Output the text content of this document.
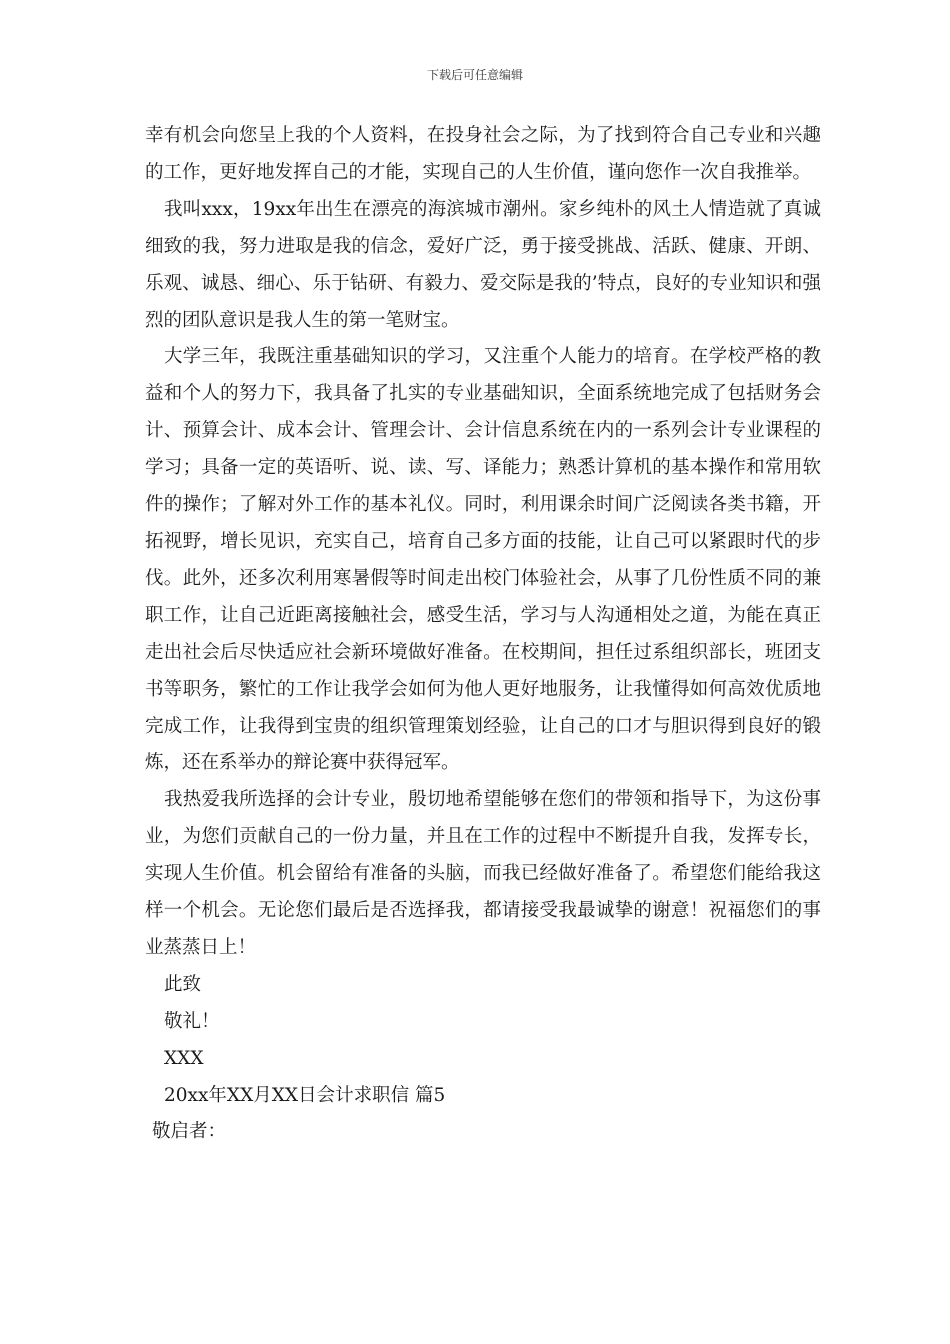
下载后可任意编辑

幸有机会向您呈上我的个人资料，在投身社会之际，为了找到符合自己专业和兴趣的工作，更好地发挥自己的才能，实现自己的人生价值，谨向您作一次自我推举。

我叫xxx，19xx年出生在漂亮的海滨城市潮州。家乡纯朴的风土人情造就了真诚细致的我，努力进取是我的信念，爱好广泛，勇于接受挑战、活跃、健康、开朗、乐观、诚恳、细心、乐于钻研、有毅力、爱交际是我的’特点，良好的专业知识和强烈的团队意识是我人生的第一笔财宝。

大学三年，我既注重基础知识的学习，又注重个人能力的培育。在学校严格的教益和个人的努力下，我具备了扎实的专业基础知识，全面系统地完成了包括财务会计、预算会计、成本会计、管理会计、会计信息系统在内的一系列会计专业课程的学习；具备一定的英语听、说、读、写、译能力；熟悉计算机的基本操作和常用软件的操作；了解对外工作的基本礼仪。同时，利用课余时间广泛阅读各类书籍，开拓视野，增长见识，充实自己，培育自己多方面的技能，让自己可以紧跟时代的步伐。此外，还多次利用寒暑假等时间走出校门体验社会，从事了几份性质不同的兼职工作，让自己近距离接触社会，感受生活，学习与人沟通相处之道，为能在真正走出社会后尽快适应社会新环境做好准备。在校期间，担任过系组织部长，班团支书等职务，繁忙的工作让我学会如何为他人更好地服务，让我懂得如何高效优质地完成工作，让我得到宝贵的组织管理策划经验，让自己的口才与胆识得到良好的锻炼，还在系举办的辩论赛中获得冠军。

我热爱我所选择的会计专业，殷切地希望能够在您们的带领和指导下，为这份事业，为您们贡献自己的一份力量，并且在工作的过程中不断提升自我，发挥专长，实现人生价值。机会留给有准备的头脑，而我已经做好准备了。希望您们能给我这样一个机会。无论您们最后是否选择我，都请接受我最诚挚的谢意！祝福您们的事业蒸蒸日上！

此致

敬礼！

XXX

20xx年XX月XX日会计求职信 篇5

敬启者：
